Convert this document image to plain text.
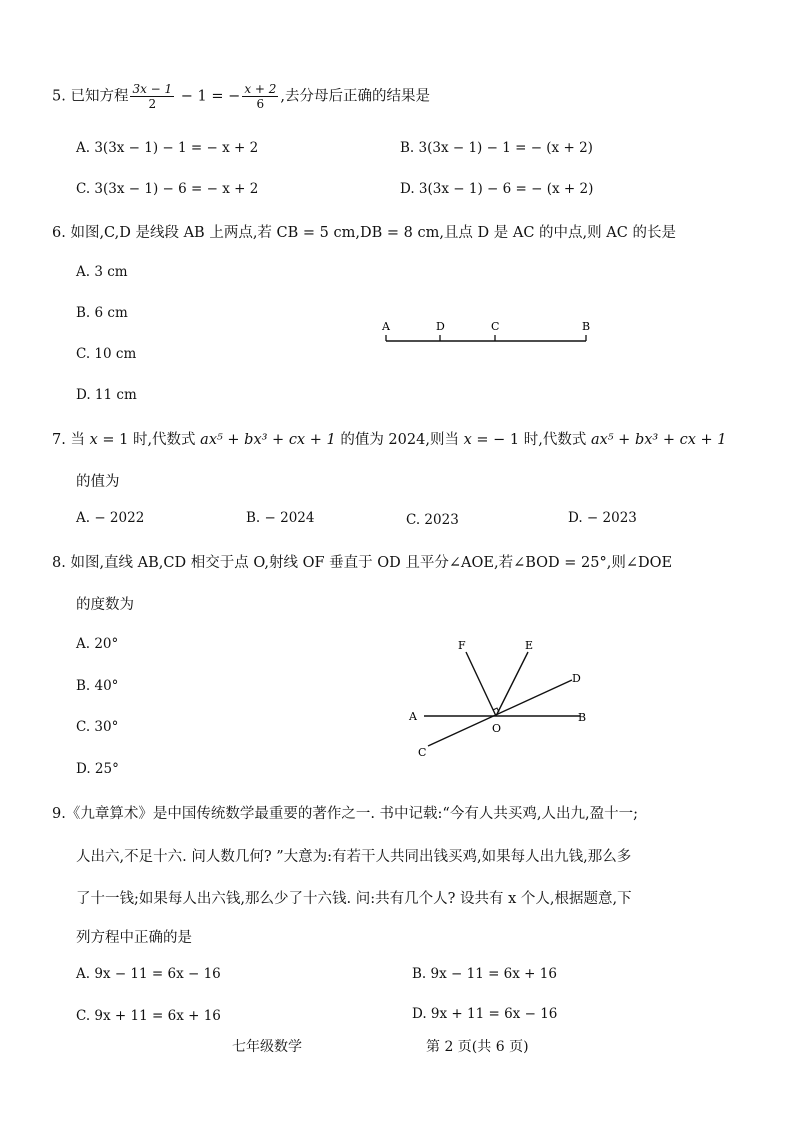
5. 已知方程 $\frac{3x - 1}{2} - 1$ = − $\frac{x + 2}{6}$ ,去分母后正确的结果是
A. 3(3x − 1) − 1 = − x + 2	B. 3(3x − 1) − 1 = − (x + 2)
C. 3(3x − 1) − 6 = − x + 2	D. 3(3x − 1) − 6 = − (x + 2)
6. 如图,C,D 是线段 AB 上两点,若 CB = 5 cm,DB = 8 cm,且点 D 是 AC 的中点,则 AC 的长是
A. 3 cm
B. 6 cm
C. 10 cm
D. 11 cm
A	D	C	B
7. 当 x = 1 时,代数式 ax⁵ + bx³ + cx + 1 的值为 2024,则当 x = − 1 时,代数式 ax⁵ + bx³ + cx + 1
的值为
A. − 2022	B. − 2024	C. 2023	D. − 2023
8. 如图,直线 AB,CD 相交于点 O,射线 OF 垂直于 OD 且平分∠AOE,若∠BOD = 25°,则∠DOE
的度数为
A. 20°
B. 40°
C. 30°
D. 25°
F	E
D
A	B
O
C
9.《九章算术》是中国传统数学最重要的著作之一. 书中记载:“今有人共买鸡,人出九,盈十一;
人出六,不足十六. 问人数几何? ”大意为:有若干人共同出钱买鸡,如果每人出九钱,那么多
了十一钱;如果每人出六钱,那么少了十六钱. 问:共有几个人? 设共有 x 个人,根据题意,下
列方程中正确的是
A. 9x − 11 = 6x − 16	B. 9x − 11 = 6x + 16
C. 9x + 11 = 6x + 16	D. 9x + 11 = 6x − 16
七年级数学	第 2 页(共 6 页)
